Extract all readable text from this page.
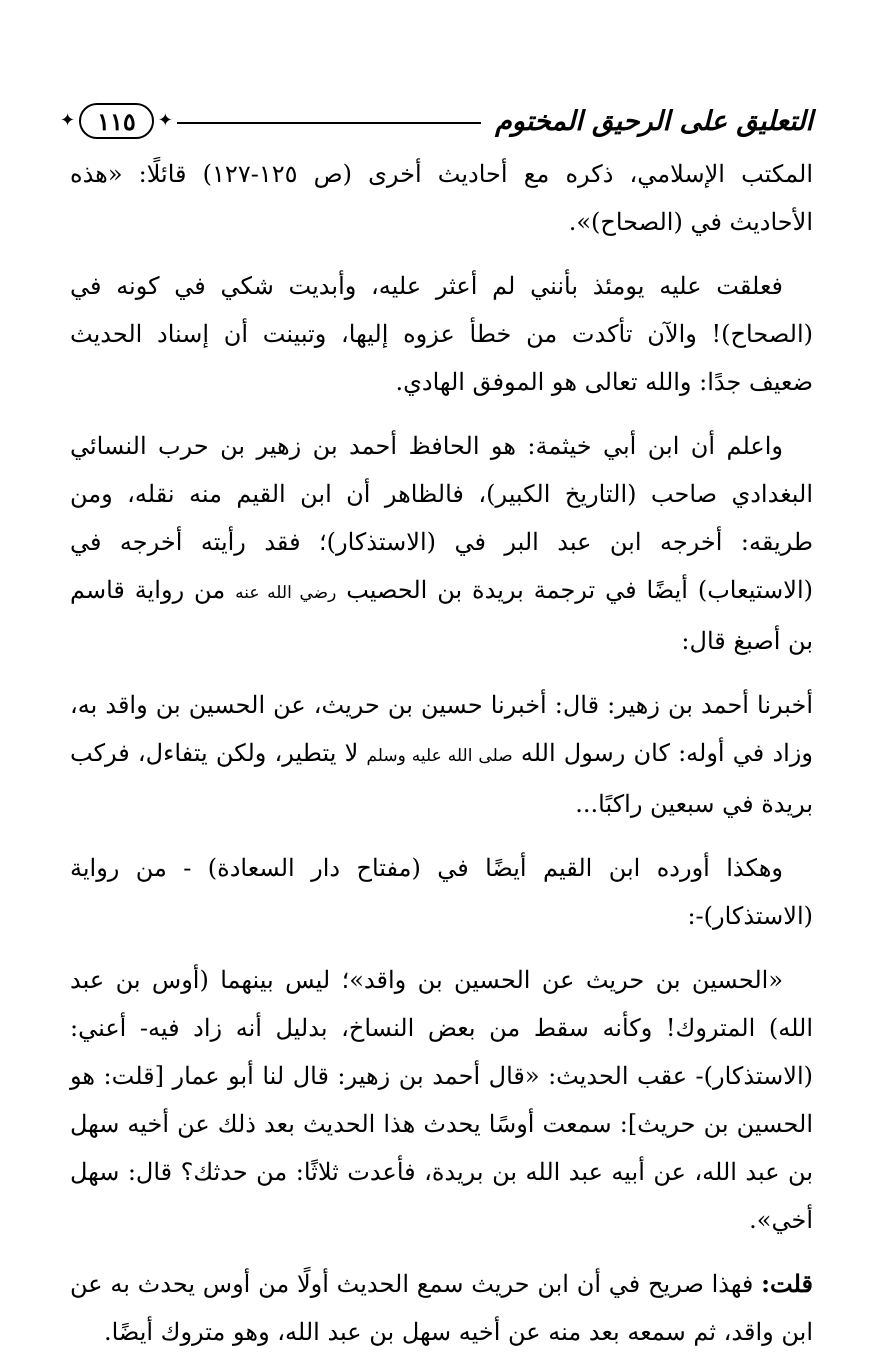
التعليق على الرحيق المختوم
✦ ١١٥	✦

المكتب الإسلامي، ذكره مع أحاديث أخرى (ص ١٢٥-١٢٧) قائلًا: «هذه الأحاديث في (الصحاح)».

فعلقت عليه يومئذ بأنني لم أعثر عليه، وأبديت شكي في كونه في (الصحاح)! والآن تأكدت من خطأ عزوه إليها، وتبينت أن إسناد الحديث ضعيف جدًا: والله تعالى هو الموفق الهادي.

واعلم أن ابن أبي خيثمة: هو الحافظ أحمد بن زهير بن حرب النسائي البغدادي صاحب (التاريخ الكبير)، فالظاهر أن ابن القيم منه نقله، ومن طريقه: أخرجه ابن عبد البر في (الاستذكار)؛ فقد رأيته أخرجه في (الاستيعاب) أيضًا في ترجمة بريدة بن الحصيب رضي الله عنه من رواية قاسم بن أصبغ قال:

أخبرنا أحمد بن زهير: قال: أخبرنا حسين بن حريث، عن الحسين بن واقد به، وزاد في أوله: كان رسول الله صلى الله عليه وسلم لا يتطير، ولكن يتفاءل، فركب بريدة في سبعين راكبًا...

وهكذا أورده ابن القيم أيضًا في (مفتاح دار السعادة) - من رواية (الاستذكار)-:

«الحسين بن حريث عن الحسين بن واقد»؛ ليس بينهما (أوس بن عبد الله) المتروك! وكأنه سقط من بعض النساخ، بدليل أنه زاد فيه- أعني: (الاستذكار)- عقب الحديث: «قال أحمد بن زهير: قال لنا أبو عمار [قلت: هو الحسين بن حريث]: سمعت أوسًا يحدث هذا الحديث بعد ذلك عن أخيه سهل بن عبد الله، عن أبيه عبد الله بن بريدة، فأعدت ثلاثًا: من حدثك؟ قال: سهل أخي».

قلت: فهذا صريح في أن ابن حريث سمع الحديث أولًا من أوس يحدث به عن ابن واقد، ثم سمعه بعد منه عن أخيه سهل بن عبد الله، وهو متروك أيضًا.
